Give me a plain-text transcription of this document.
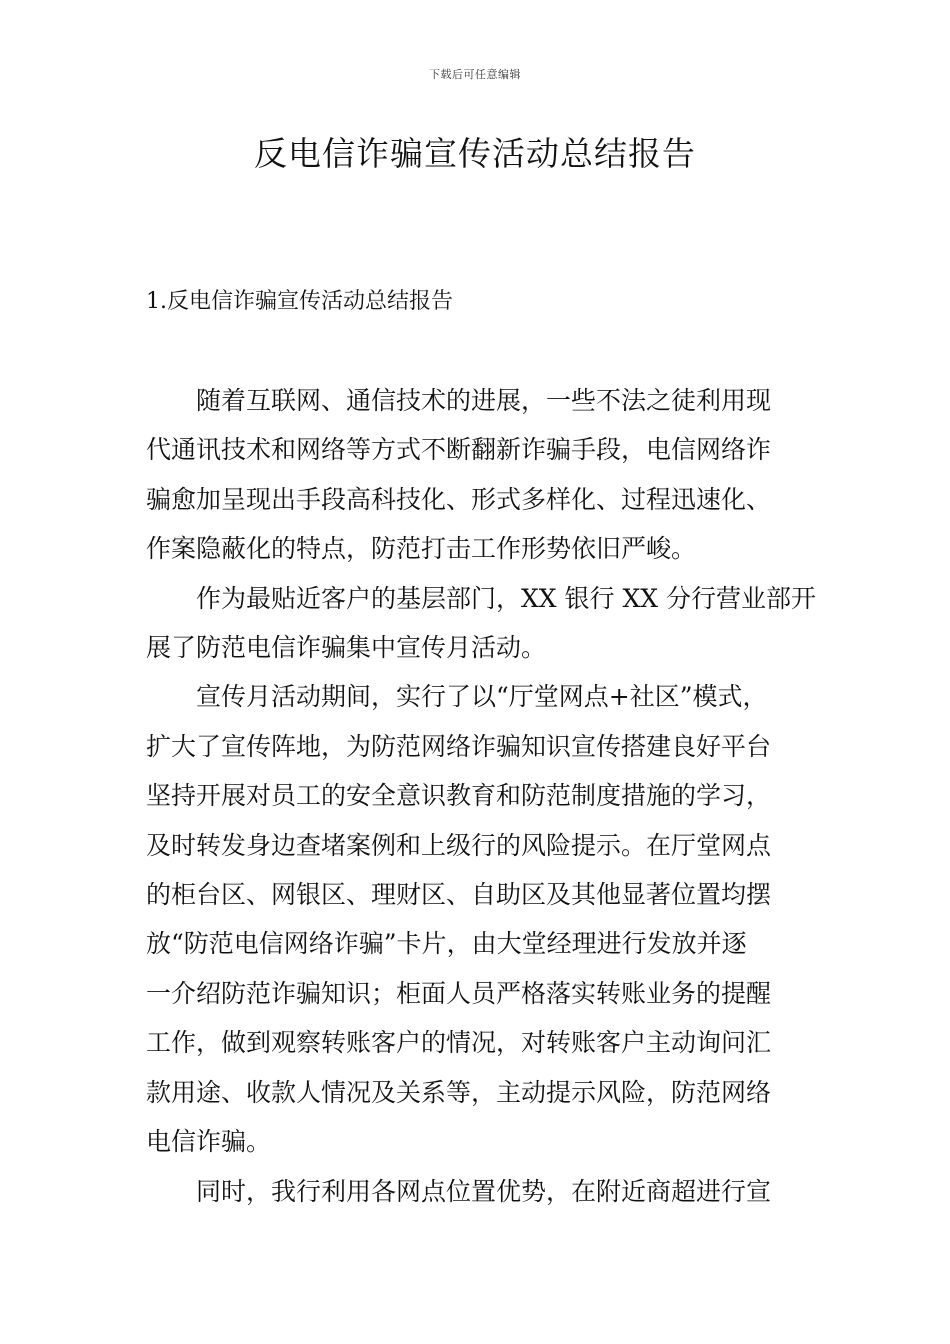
下载后可任意编辑
反电信诈骗宣传活动总结报告
1.反电信诈骗宣传活动总结报告
随着互联网、通信技术的进展，一些不法之徒利用现
代通讯技术和网络等方式不断翻新诈骗手段，电信网络诈
骗愈加呈现出手段高科技化、形式多样化、过程迅速化、
作案隐蔽化的特点，防范打击工作形势依旧严峻。
作为最贴近客户的基层部门，XX 银行 XX 分行营业部开
展了防范电信诈骗集中宣传月活动。
宣传月活动期间，实行了以“厅堂网点+社区”模式，
扩大了宣传阵地，为防范网络诈骗知识宣传搭建良好平台
坚持开展对员工的安全意识教育和防范制度措施的学习，
及时转发身边查堵案例和上级行的风险提示。在厅堂网点
的柜台区、网银区、理财区、自助区及其他显著位置均摆
放“防范电信网络诈骗”卡片，由大堂经理进行发放并逐
一介绍防范诈骗知识；柜面人员严格落实转账业务的提醒
工作，做到观察转账客户的情况，对转账客户主动询问汇
款用途、收款人情况及关系等，主动提示风险，防范网络
电信诈骗。
同时，我行利用各网点位置优势，在附近商超进行宣
